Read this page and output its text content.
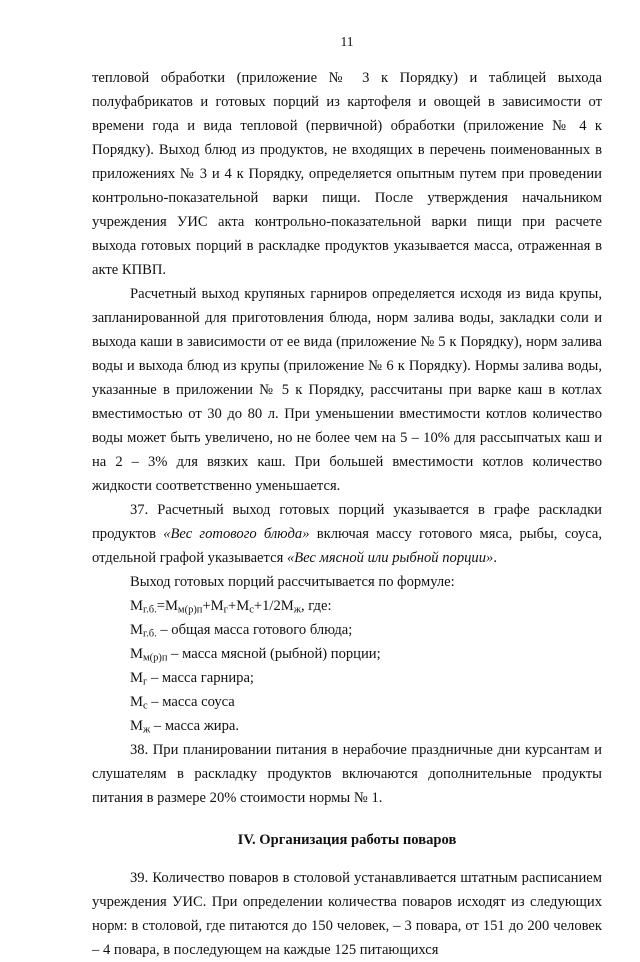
11

тепловой обработки (приложение № 3 к Порядку) и таблицей выхода полуфабрикатов и готовых порций из картофеля и овощей в зависимости от времени года и вида тепловой (первичной) обработки (приложение № 4 к Порядку). Выход блюд из продуктов, не входящих в перечень поименованных в приложениях № 3 и 4 к Порядку, определяется опытным путем при проведении контрольно-показательной варки пищи. После утверждения начальником учреждения УИС акта контрольно-показательной варки пищи при расчете выхода готовых порций в раскладке продуктов указывается масса, отраженная в акте КПВП.

Расчетный выход крупяных гарниров определяется исходя из вида крупы, запланированной для приготовления блюда, норм залива воды, закладки соли и выхода каши в зависимости от ее вида (приложение № 5 к Порядку), норм залива воды и выхода блюд из крупы (приложение № 6 к Порядку). Нормы залива воды, указанные в приложении № 5 к Порядку, рассчитаны при варке каш в котлах вместимостью от 30 до 80 л. При уменьшении вместимости котлов количество воды может быть увеличено, но не более чем на 5 – 10% для рассыпчатых каш и на 2 – 3% для вязких каш. При большей вместимости котлов количество жидкости соответственно уменьшается.

37. Расчетный выход готовых порций указывается в графе раскладки продуктов «Вес готового блюда» включая массу готового мяса, рыбы, соуса, отдельной графой указывается «Вес мясной или рыбной порции».

Выход готовых порций рассчитывается по формуле:

$М_{г.б.}=М_{м(р)п}+М_г+М_с+1/2М_ж$, где:

$М_{г.б.}$ – общая масса готового блюда;

$М_{м(р)п}$ – масса мясной (рыбной) порции;

$М_г$ – масса гарнира;

$М_с$ – масса соуса

$М_ж$ – масса жира.

38. При планировании питания в нерабочие праздничные дни курсантам и слушателям в раскладку продуктов включаются дополнительные продукты питания в размере 20% стоимости нормы № 1.

IV. Организация работы поваров

39. Количество поваров в столовой устанавливается штатным расписанием учреждения УИС. При определении количества поваров исходят из следующих норм: в столовой, где питаются до 150 человек, – 3 повара, от 151 до 200 человек – 4 повара, в последующем на каждые 125 питающихся
